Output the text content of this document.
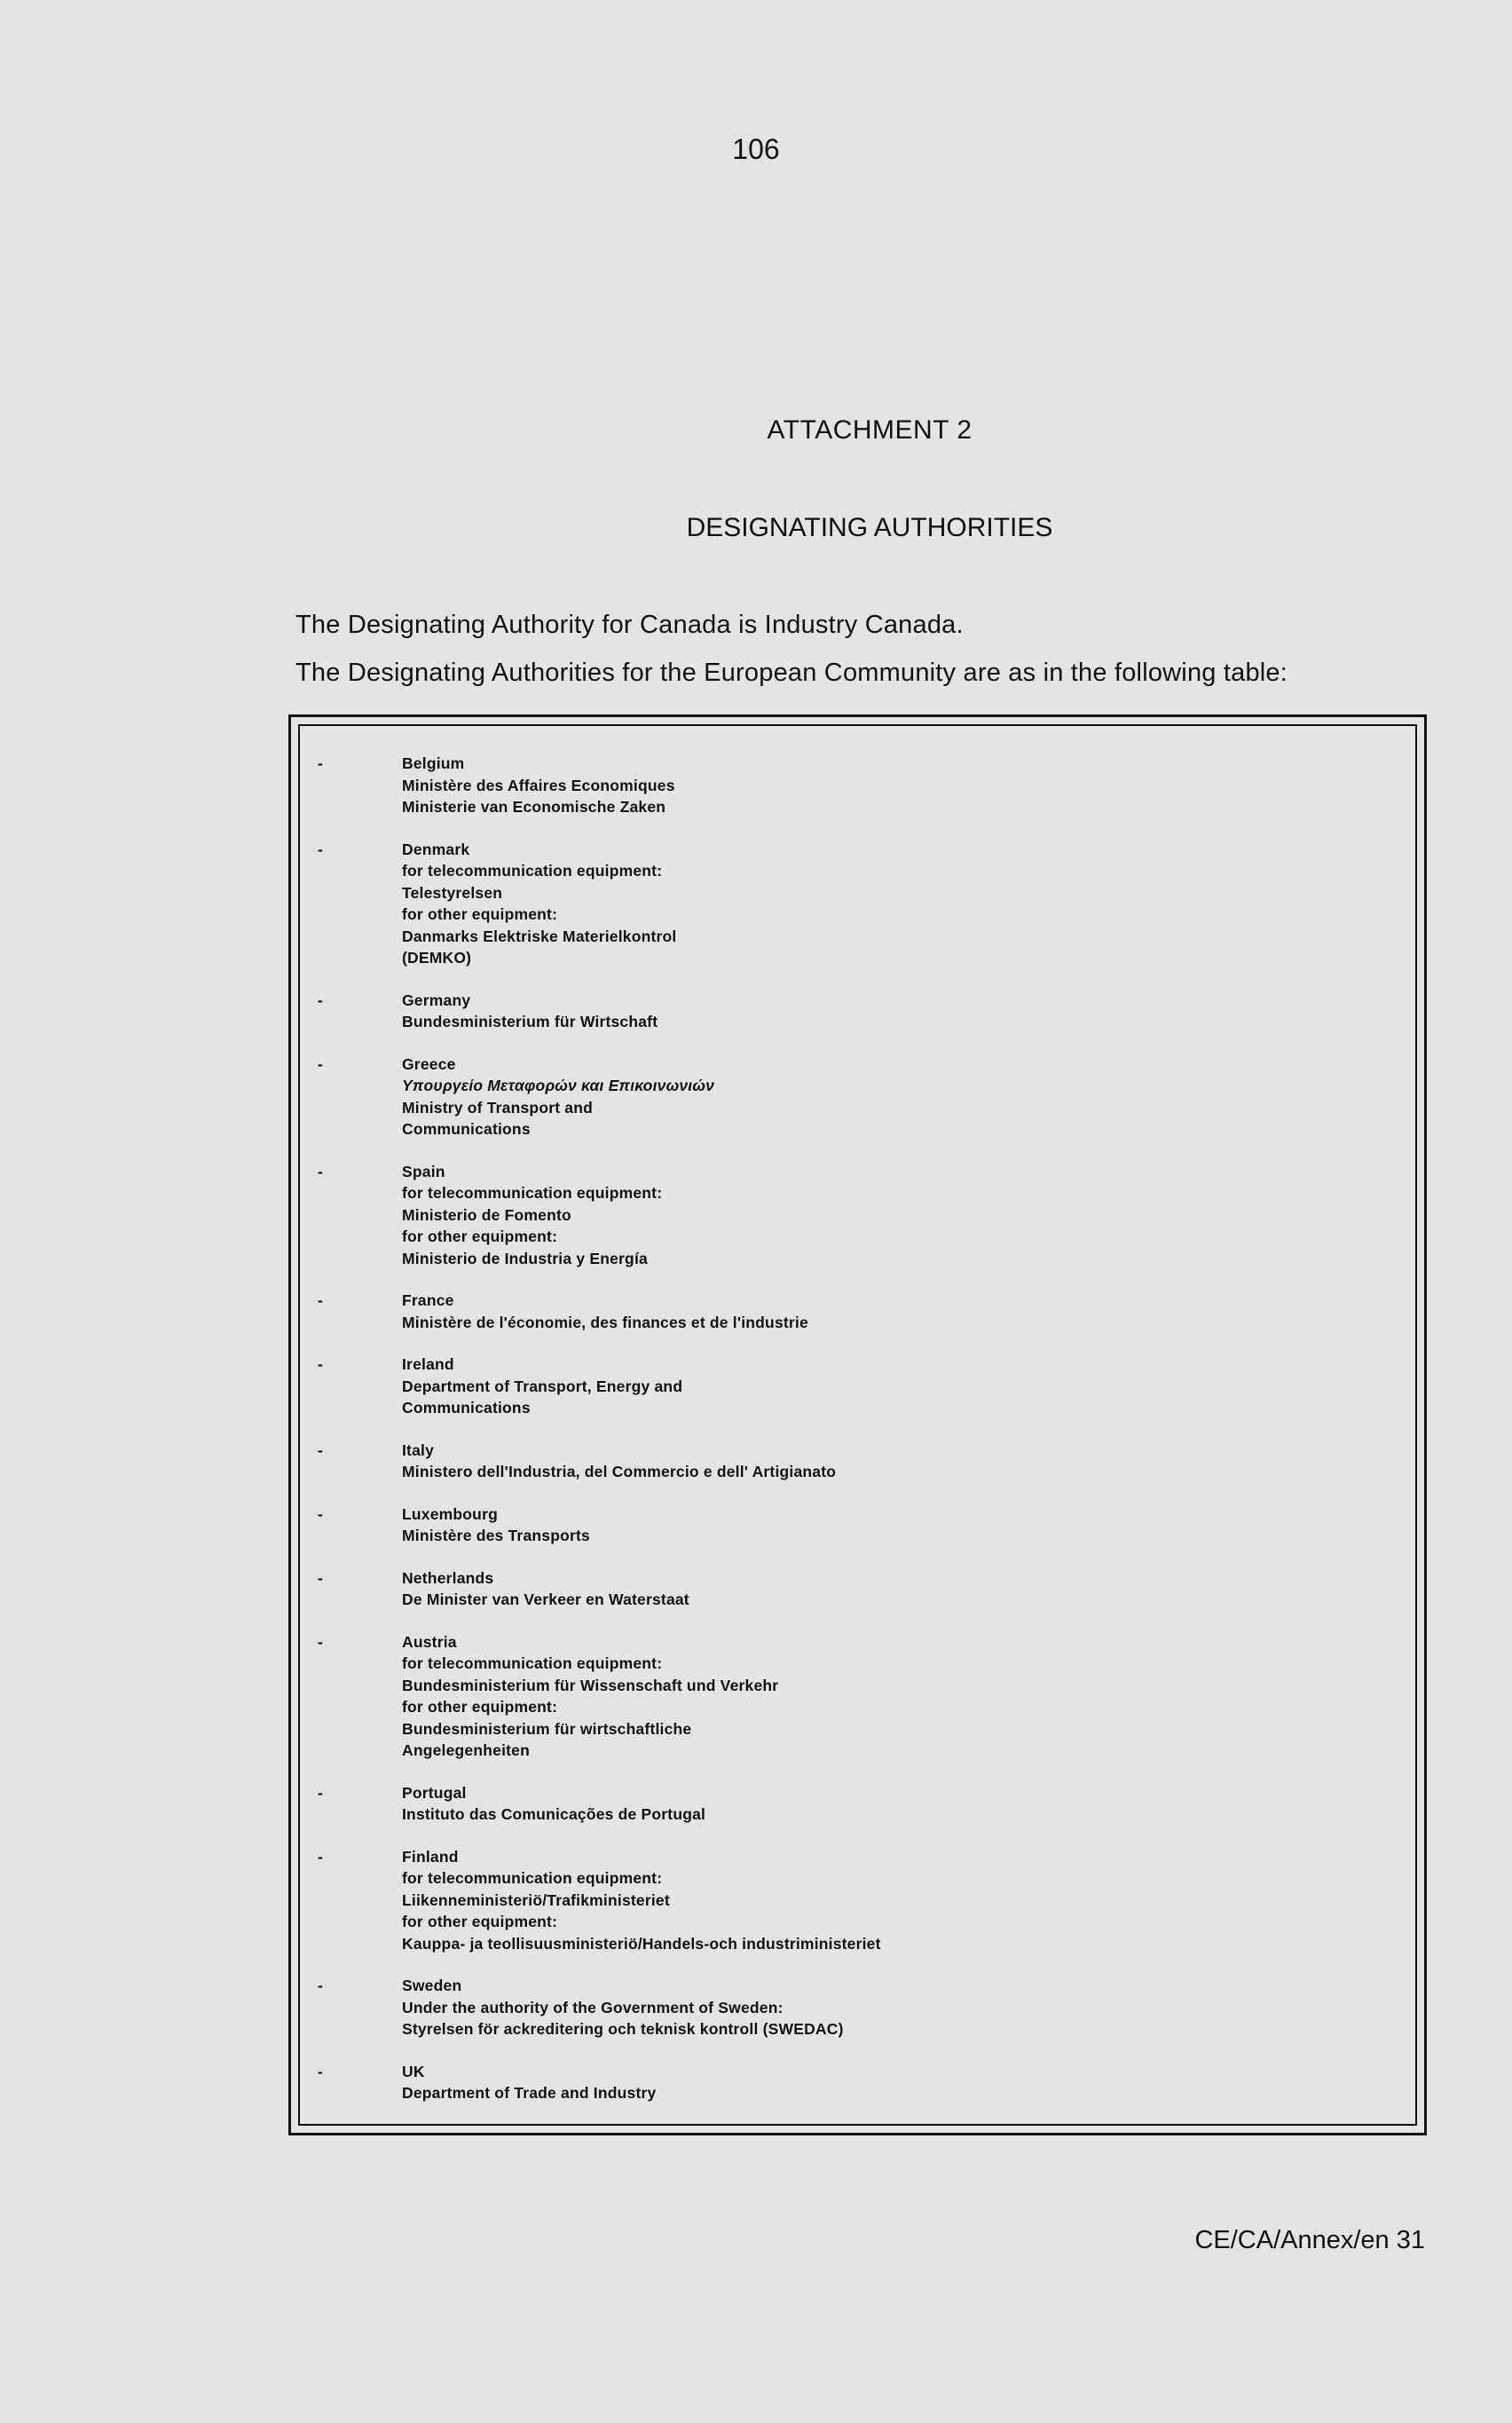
106
ATTACHMENT 2
DESIGNATING AUTHORITIES
The Designating Authority for Canada is Industry Canada.
The Designating Authorities for the European Community are as in the following table:
-	Belgium
Ministère des Affaires Economiques
Ministerie van Economische Zaken
-	Denmark
for telecommunication equipment:
Telestyrelsen
for other equipment:
Danmarks Elektriske Materielkontrol
(DEMKO)
-	Germany
Bundesministerium für Wirtschaft
-	Greece
Υπουργείο Μεταφορών και Επικοινωνιών
Ministry of Transport and
Communications
-	Spain
for telecommunication equipment:
Ministerio de Fomento
for other equipment:
Ministerio de Industria y Energía
-	France
Ministère de l'économie, des finances et de l'industrie
-	Ireland
Department of Transport, Energy and
Communications
-	Italy
Ministero dell'Industria, del Commercio e dell' Artigianato
-	Luxembourg
Ministère des Transports
-	Netherlands
De Minister van Verkeer en Waterstaat
-	Austria
for telecommunication equipment:
Bundesministerium für Wissenschaft und Verkehr
for other equipment:
Bundesministerium für wirtschaftliche
Angelegenheiten
-	Portugal
Instituto das Comunicações de Portugal
-	Finland
for telecommunication equipment:
Liikenneministeriö/Trafikministeriet
for other equipment:
Kauppa- ja teollisuusministeriö/Handels-och industriministeriet
-	Sweden
Under the authority of the Government of Sweden:
Styrelsen för ackreditering och teknisk kontroll (SWEDAC)
-	UK
Department of Trade and Industry
CE/CA/Annex/en 31
